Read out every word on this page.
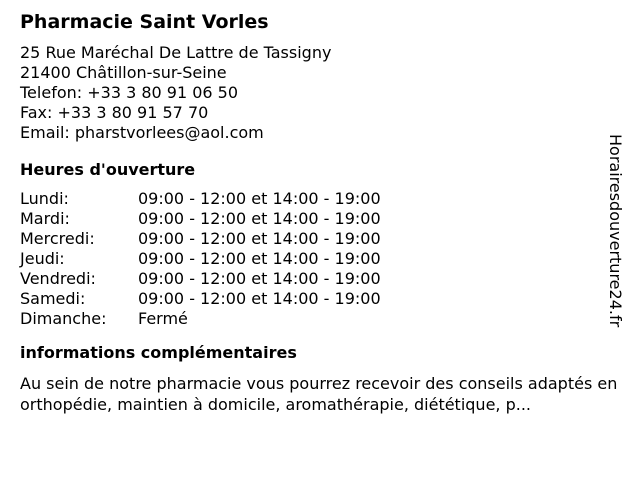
Pharmacie Saint Vorles
25 Rue Maréchal De Lattre de Tassigny
21400 Châtillon-sur-Seine
Telefon: +33 3 80 91 06 50
Fax: +33 3 80 91 57 70
Email: pharstvorlees@aol.com
Heures d'ouverture
Lundi:	09:00 - 12:00 et 14:00 - 19:00
Mardi:	09:00 - 12:00 et 14:00 - 19:00
Mercredi:	09:00 - 12:00 et 14:00 - 19:00
Jeudi:	09:00 - 12:00 et 14:00 - 19:00
Vendredi:	09:00 - 12:00 et 14:00 - 19:00
Samedi:	09:00 - 12:00 et 14:00 - 19:00
Dimanche:	Fermé
informations complémentaires
Au sein de notre pharmacie vous pourrez recevoir des conseils adaptés en orthopédie, maintien à domicile, aromathérapie, diététique, p...
Horairesdouverture24.fr
